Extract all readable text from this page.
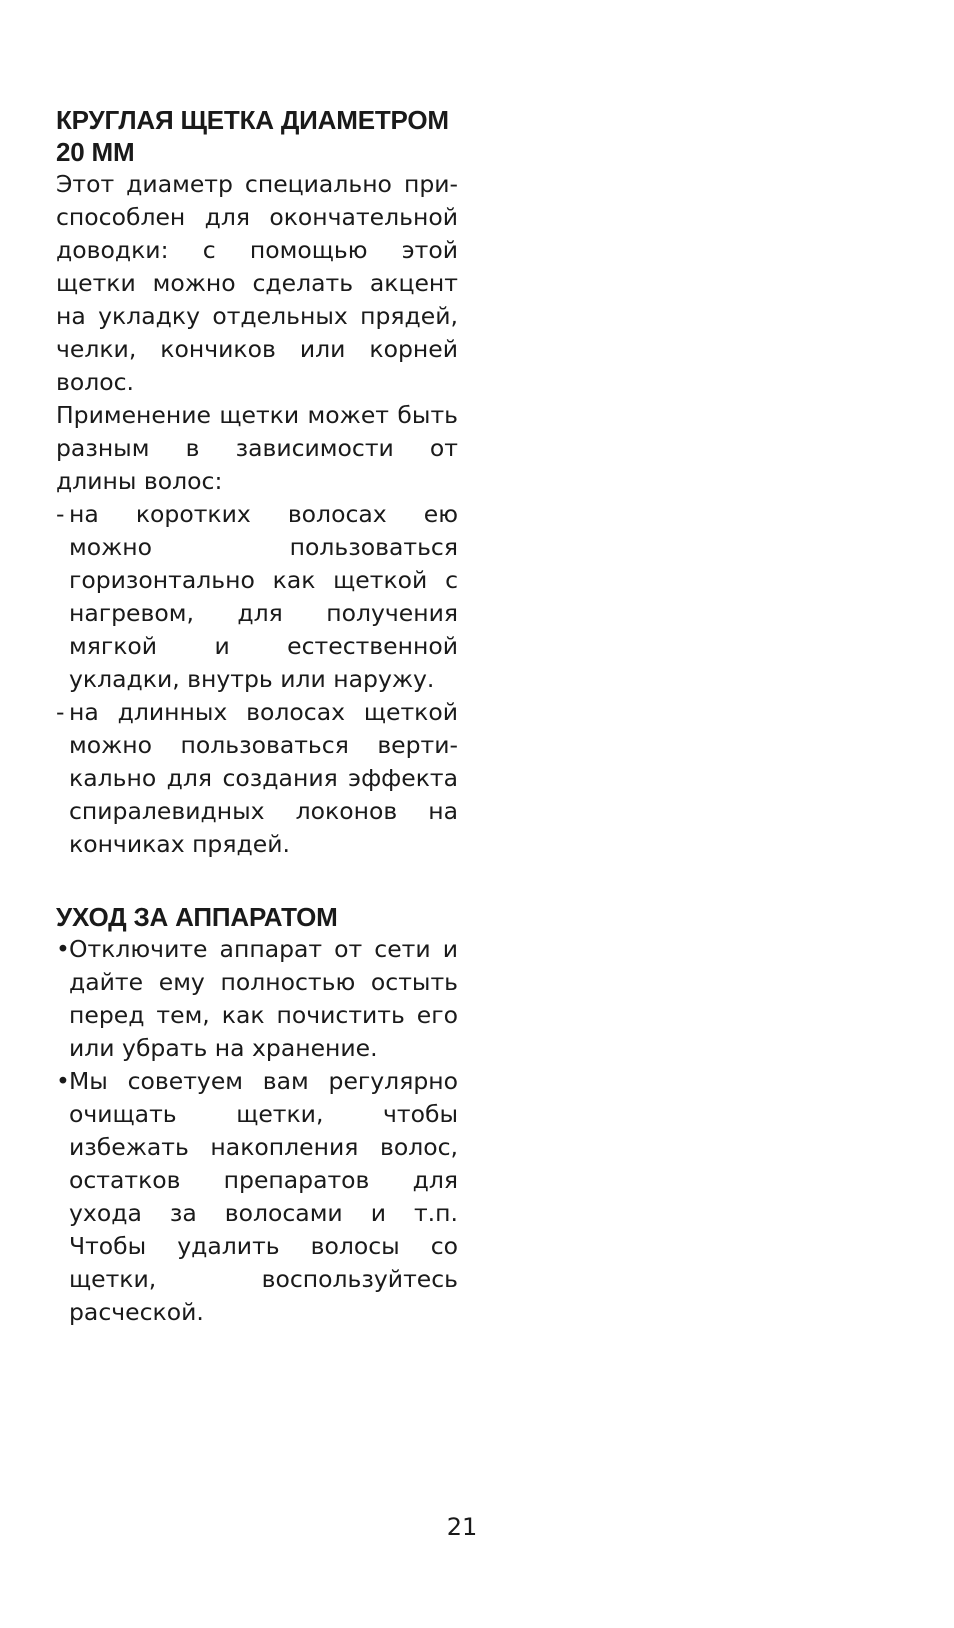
КРУГЛАЯ ЩЕТКА ДИАМЕТРОМ 20 ММ

Этот диаметр специально приспособлен для окончательной доводки: с помощью этой щетки можно сделать акцент на укладку отдельных прядей, челки, кончиков или корней волос.

Применение щетки может быть разным в зависимости от длины волос:

- на коротких волосах ею можно пользоваться горизонтально как щеткой с нагревом, для получения мягкой и естественной укладки, внутрь или наружу.
- на длинных волосах щеткой можно пользоваться вертикально для создания эффекта спиралевидных локонов на кончиках прядей.
УХОД ЗА АППАРАТОМ
• Отключите аппарат от сети и дайте ему полностью остыть перед тем, как почистить его или убрать на хранение.
• Мы советуем вам регулярно очищать щетки, чтобы избежать накопления волос, остатков препаратов для ухода за волосами и т.п. Чтобы удалить волосы со щетки, воспользуйтесь расческой.
21
